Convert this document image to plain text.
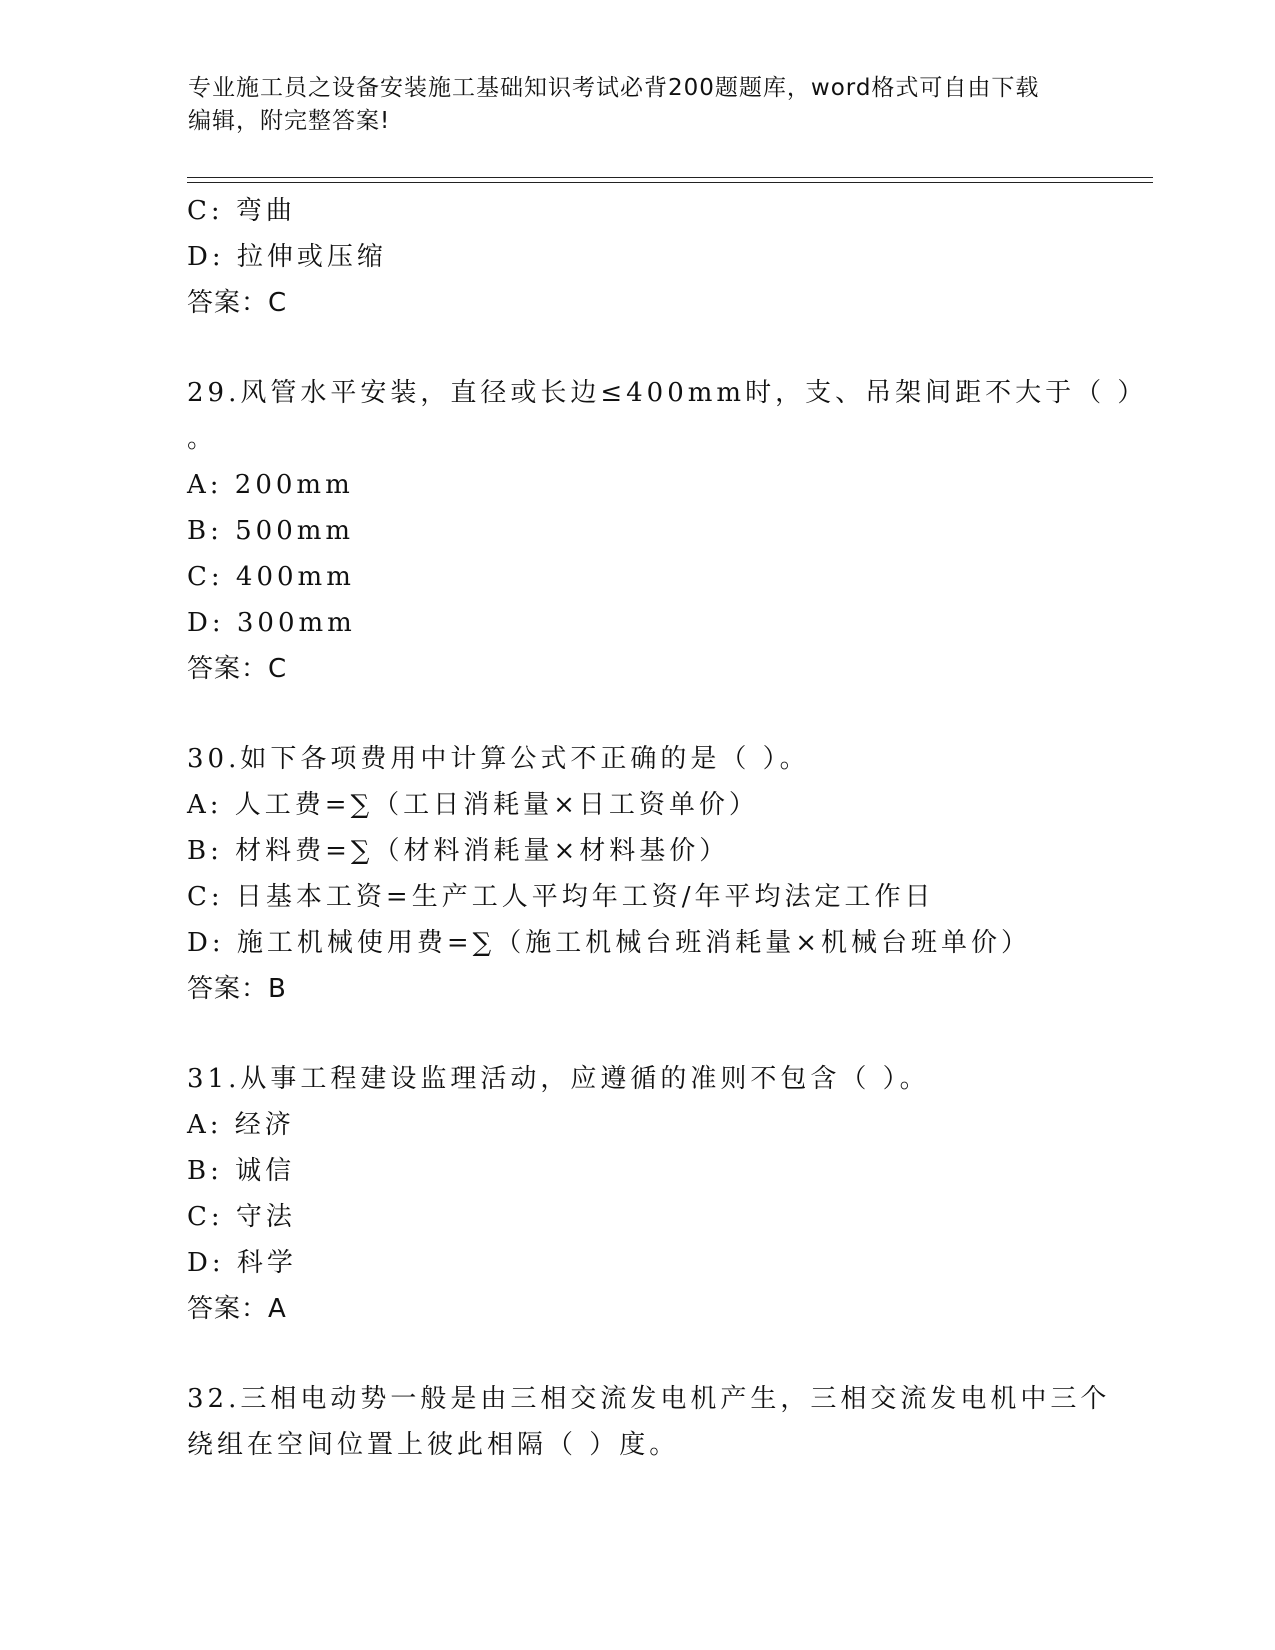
专业施工员之设备安装施工基础知识考试必背200题题库，word格式可自由下载
编辑，附完整答案!
C: 弯曲
D: 拉伸或压缩
答案：C
29.风管水平安装，直径或长边≤400mm时，支、吊架间距不大于（ ）
。
A: 200mm
B: 500mm
C: 400mm
D: 300mm
答案：C
30.如下各项费用中计算公式不正确的是（ ）。
A: 人工费=∑（工日消耗量×日工资单价）
B: 材料费=∑（材料消耗量×材料基价）
C: 日基本工资=生产工人平均年工资/年平均法定工作日
D: 施工机械使用费=∑（施工机械台班消耗量×机械台班单价）
答案：B
31.从事工程建设监理活动，应遵循的准则不包含（ ）。
A: 经济
B: 诚信
C: 守法
D: 科学
答案：A
32.三相电动势一般是由三相交流发电机产生，三相交流发电机中三个
绕组在空间位置上彼此相隔（ ）度。
